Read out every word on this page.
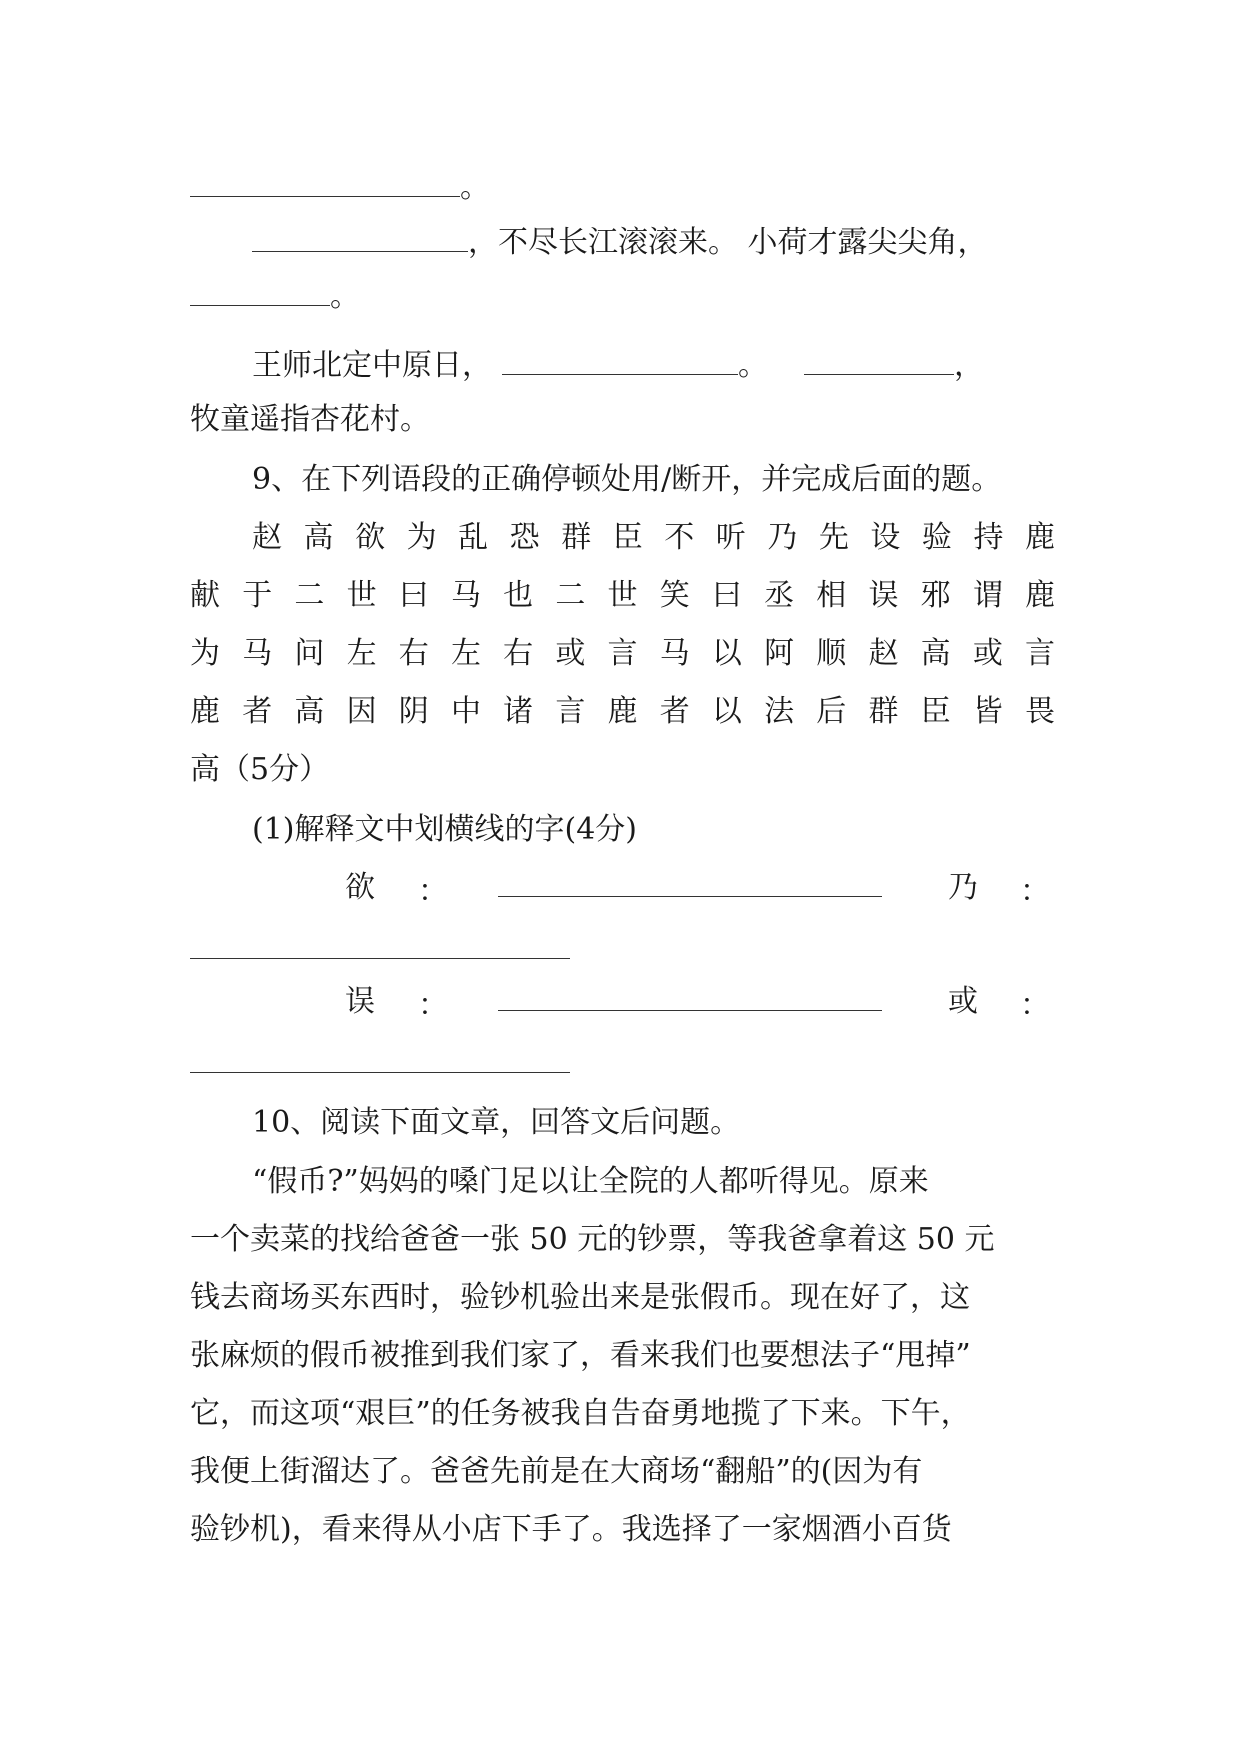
。
，不尽长江滚滚来。 小荷才露尖尖角，
。
王师北定中原日，	。	，
牧童遥指杏花村。
9、在下列语段的正确停顿处用/断开，并完成后面的题。
赵 高 欲 为 乱 恐 群 臣 不 听 乃 先 设 验 持 鹿
献 于 二 世 曰 马 也 二 世 笑 曰 丞 相 误 邪 谓 鹿
为 马 问 左 右 左 右 或 言 马 以 阿 顺 赵 高 或 言
鹿 者 高 因 阴 中 诸 言 鹿 者 以 法 后 群 臣 皆 畏
高（5分）
(1)解释文中划横线的字(4分)
欲 ：	乃 ：
误 ：	或 ：
10、阅读下面文章，回答文后问题。
“假币?”妈妈的嗓门足以让全院的人都听得见。原来
一个卖菜的找给爸爸一张 50 元的钞票，等我爸拿着这 50 元
钱去商场买东西时，验钞机验出来是张假币。现在好了，这
张麻烦的假币被推到我们家了，看来我们也要想法子“甩掉”
它，而这项“艰巨”的任务被我自告奋勇地揽了下来。下午，
我便上街溜达了。爸爸先前是在大商场“翻船”的(因为有
验钞机)，看来得从小店下手了。我选择了一家烟酒小百货
